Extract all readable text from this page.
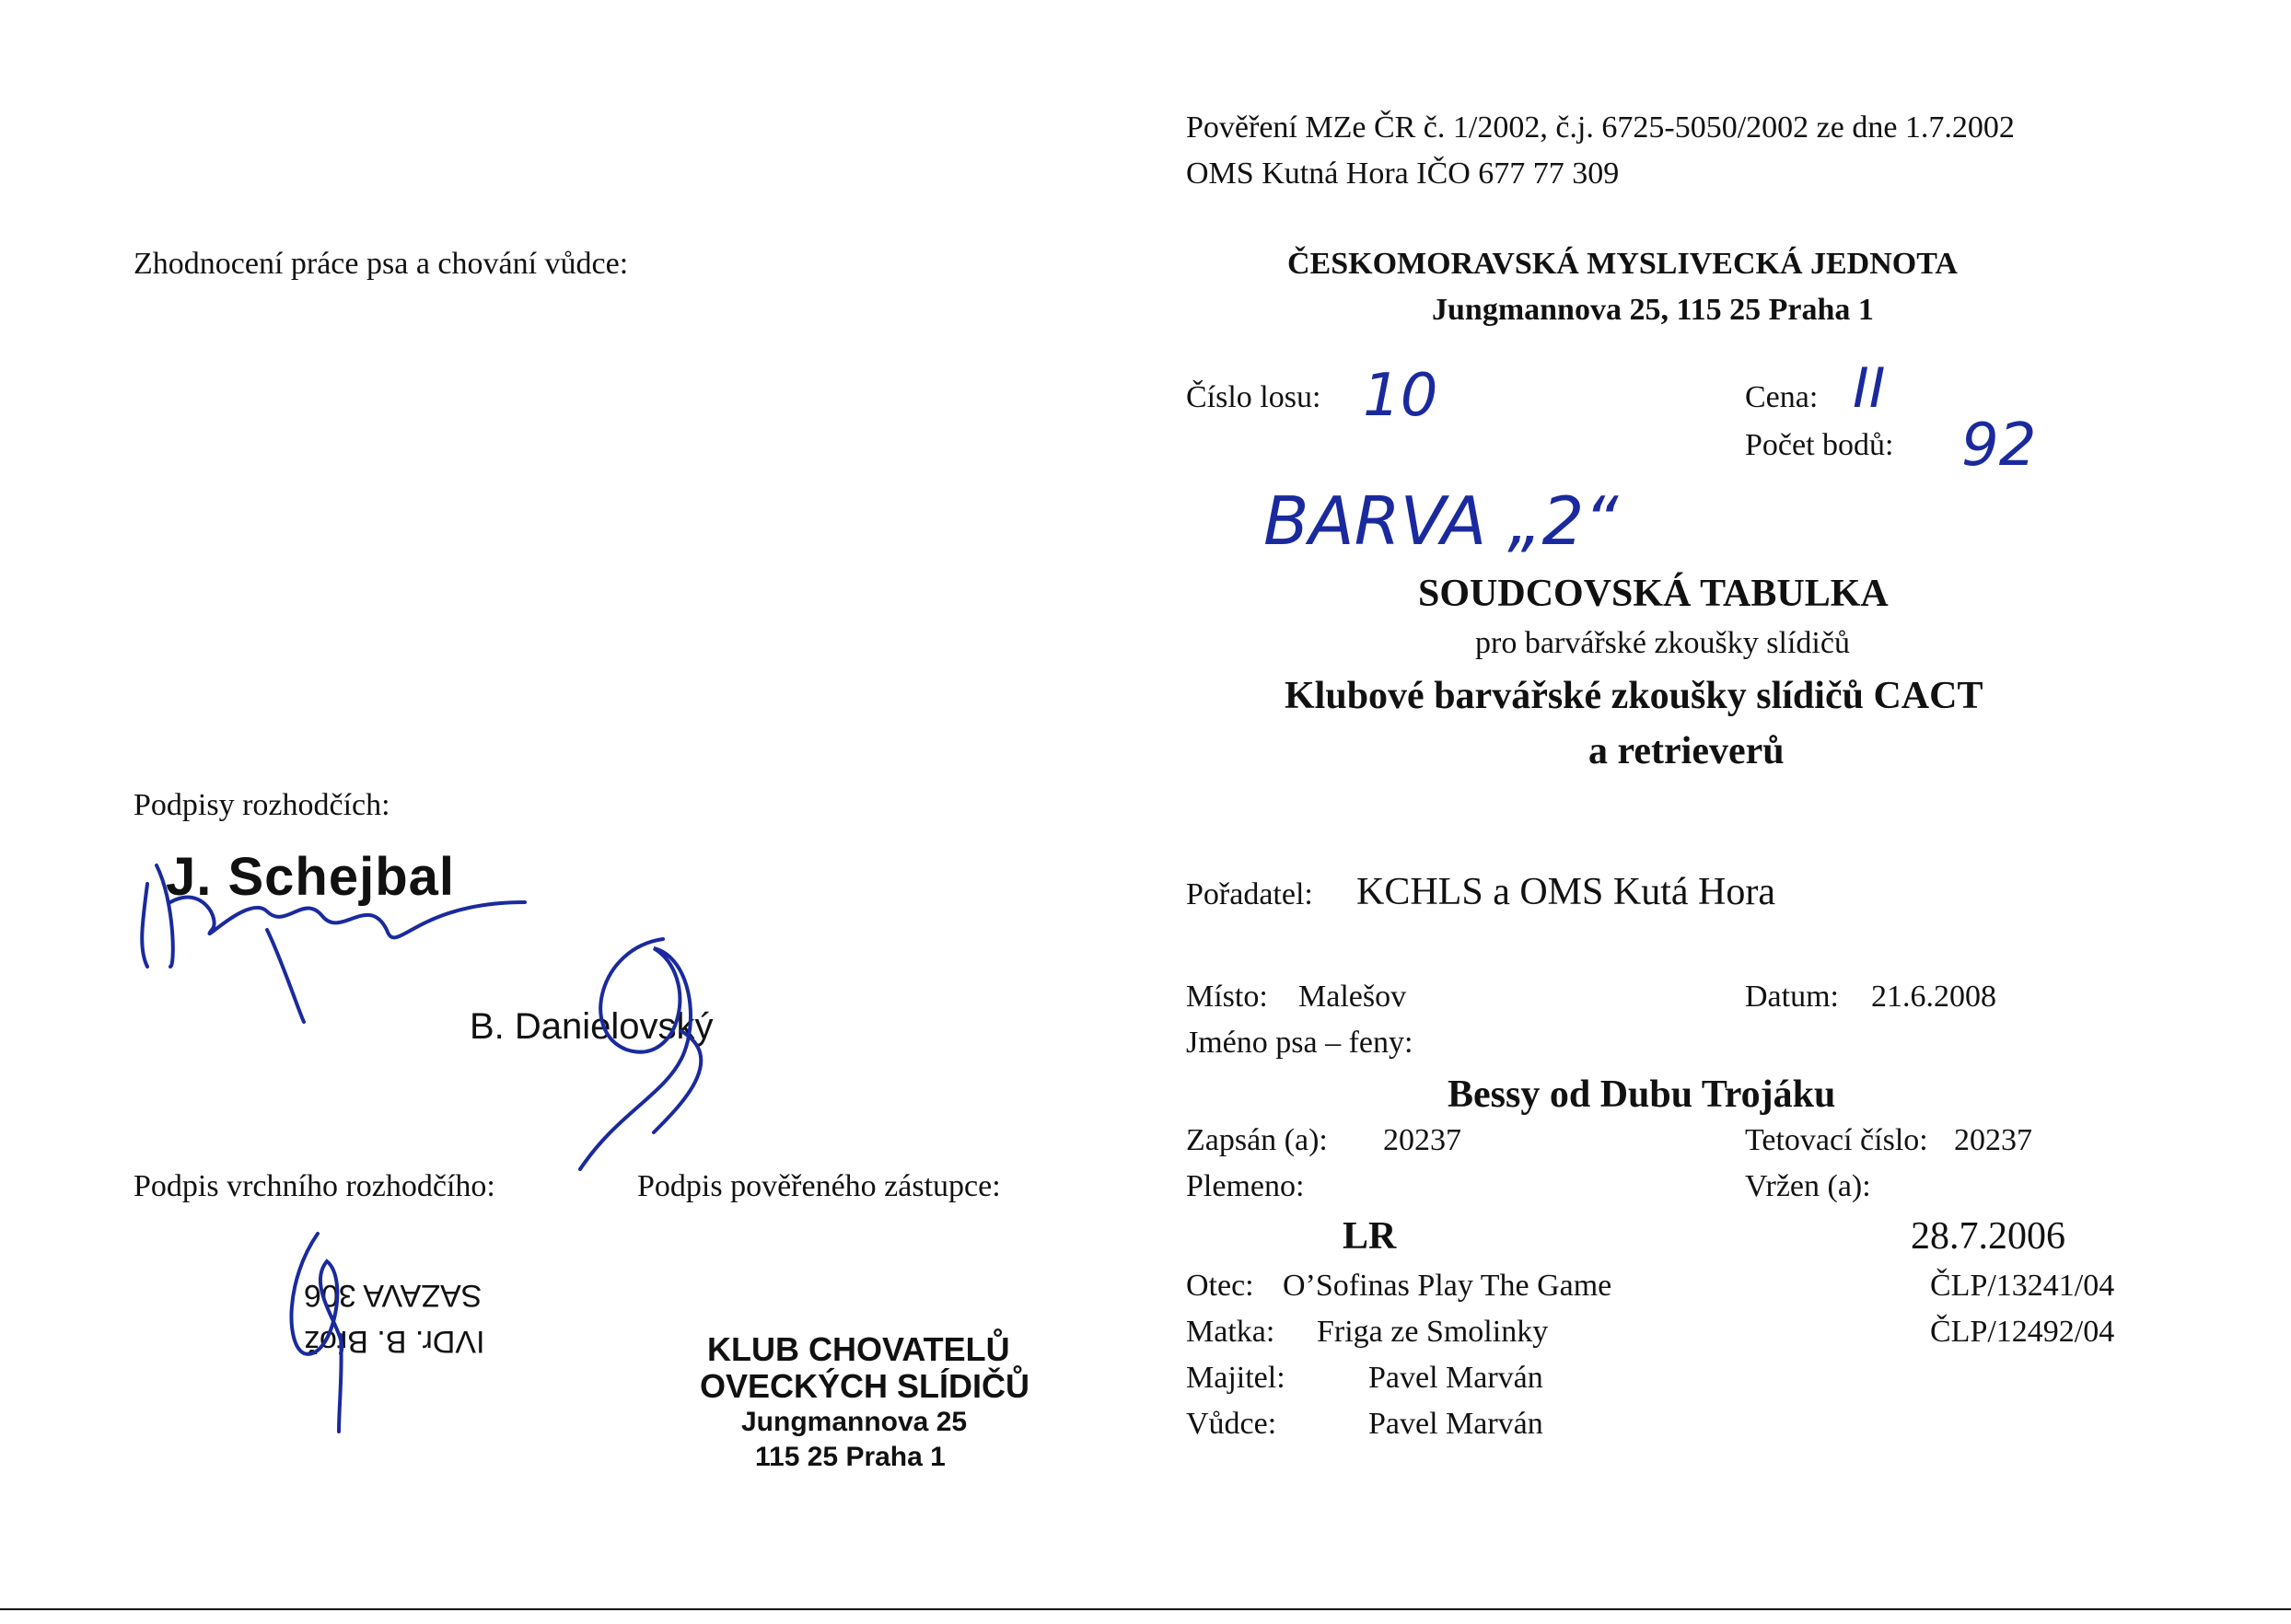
Zhodnocení práce psa a chování vůdce:
Podpisy rozhodčích:
J. Schejbal
B. Danielovský
Podpis vrchního rozhodčího:	Podpis pověřeného zástupce:
SAZAVA 306
IVDr. B. Brož	KLUB CHOVATELŮ
OVECKÝCH SLÍDIČŮ
Jungmannova 25
115 25 Praha 1
Pověření MZe ČR č. 1/2002, č.j. 6725-5050/2002 ze dne 1.7.2002
OMS Kutná Hora IČO 677 77 309
ČESKOMORAVSKÁ MYSLIVECKÁ JEDNOTA
Jungmannova 25, 115 25 Praha 1
Číslo losu: 10	Cena: II
Počet bodů: 92
BARVA „2“
SOUDCOVSKÁ TABULKA
pro barvářské zkoušky slídičů
Klubové barvářské zkoušky slídičů CACT
a retrieverů
Pořadatel: KCHLS a OMS Kutá Hora
Místo: Malešov	Datum: 21.6.2008
Jméno psa – feny:
Bessy od Dubu Trojáku
Zapsán (a): 20237	Tetovací číslo: 20237
Plemeno:	Vržen (a):
LR	28.7.2006
Otec: O’Sofinas Play The Game	ČLP/13241/04
Matka: Friga ze Smolinky	ČLP/12492/04
Majitel:	Pavel Marván
Vůdce:	Pavel Marván
